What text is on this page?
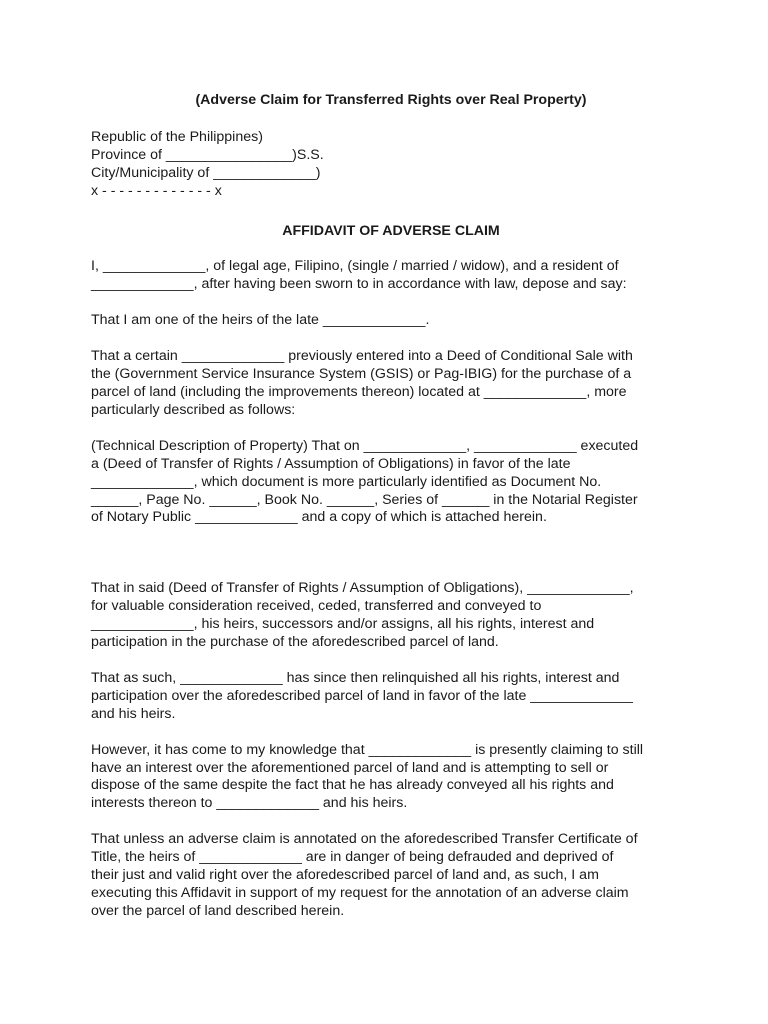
(Adverse Claim for Transferred Rights over Real Property)
Republic of the Philippines)
Province of ________________)S.S.
City/Municipality of _____________)
x - - - - - - - - - - - - - x
AFFIDAVIT OF ADVERSE CLAIM
I, _____________, of legal age, Filipino, (single / married / widow), and a resident of
_____________, after having been sworn to in accordance with law, depose and say:
That I am one of the heirs of the late _____________.
That a certain _____________ previously entered into a Deed of Conditional Sale with
the (Government Service Insurance System (GSIS) or Pag-IBIG) for the purchase of a
parcel of land (including the improvements thereon) located at _____________, more
particularly described as follows:
(Technical Description of Property) That on _____________, _____________ executed
a (Deed of Transfer of Rights / Assumption of Obligations) in favor of the late
_____________, which document is more particularly identified as Document No.
______, Page No. ______, Book No. ______, Series of ______ in the Notarial Register
of Notary Public _____________ and a copy of which is attached herein.
That in said (Deed of Transfer of Rights / Assumption of Obligations), _____________,
for valuable consideration received, ceded, transferred and conveyed to
_____________, his heirs, successors and/or assigns, all his rights, interest and
participation in the purchase of the aforedescribed parcel of land.
That as such, _____________ has since then relinquished all his rights, interest and
participation over the aforedescribed parcel of land in favor of the late _____________
and his heirs.
However, it has come to my knowledge that _____________ is presently claiming to still
have an interest over the aforementioned parcel of land and is attempting to sell or
dispose of the same despite the fact that he has already conveyed all his rights and
interests thereon to _____________ and his heirs.
That unless an adverse claim is annotated on the aforedescribed Transfer Certificate of
Title, the heirs of _____________ are in danger of being defrauded and deprived of
their just and valid right over the aforedescribed parcel of land and, as such, I am
executing this Affidavit in support of my request for the annotation of an adverse claim
over the parcel of land described herein.
